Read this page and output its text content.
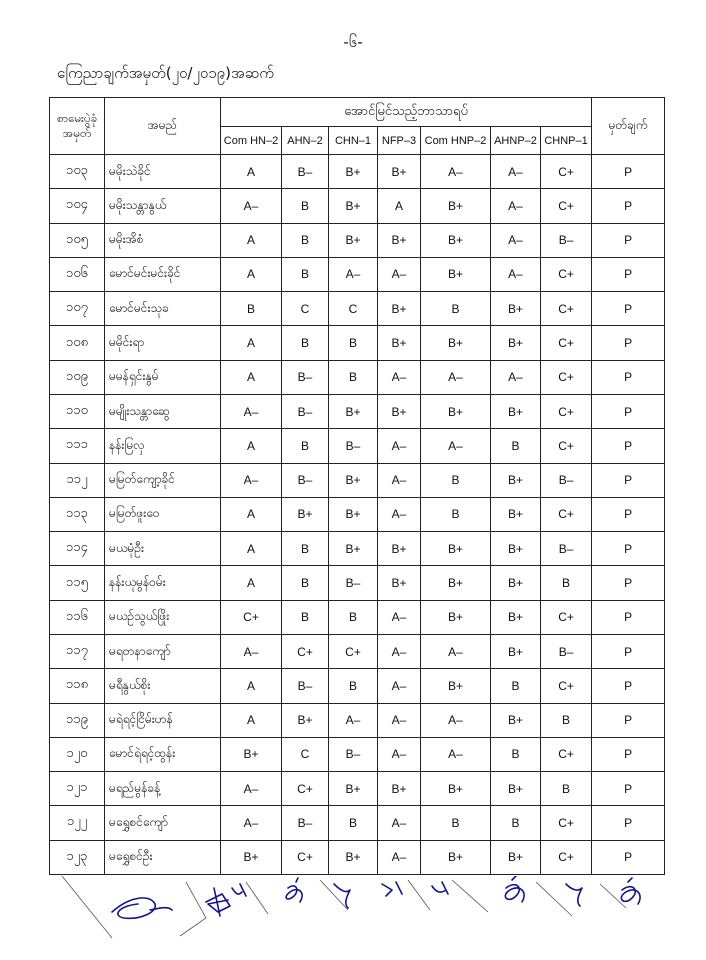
-၆-
ကြေညာချက်အမှတ်(၂၀/၂၀၁၉)အဆက်
စာမေးပွဲခုံအမှတ်	အမည်	အောင်မြင်သည့်ဘာသာရပ်							မှတ်ချက်
		Com HN–2	AHN–2	CHN–1	NFP–3	Com HNP–2	AHNP–2	CHNP–1	
၁၀၃	မမိုးသဲခိုင်	A	B–	B+	B+	A–	A–	C+	P
၁၀၄	မမိုးသန္တာနွယ်	A–	B	B+	A	B+	A–	C+	P
၁၀၅	မမိုးအိစံ	A	B	B+	B+	B+	A–	B–	P
၁၀၆	မောင်မင်းမင်းခိုင်	A	B	A–	A–	B+	A–	C+	P
၁၀၇	မောင်မင်းသုခ	B	C	C	B+	B	B+	C+	P
၁၀၈	မမိုင်းရာ	A	B	B	B+	B+	B+	C+	P
၁၀၉	မမန်ရှင်းနွမ်	A	B–	B	A–	A–	A–	C+	P
၁၁၀	မမျိုးသန္တာဆွေ	A–	B–	B+	B+	B+	B+	C+	P
၁၁၁	နန်းမြလှ	A	B	B–	A–	A–	B	C+	P
၁၁၂	မမြတ်ကျော့ခိုင်	A–	B–	B+	A–	B	B+	B–	P
၁၁၃	မမြတ်ဖူးဝေ	A	B+	B+	A–	B	B+	C+	P
၁၁၄	မယမုံဦး	A	B	B+	B+	B+	B+	B–	P
၁၁၅	နန်းယုမွန်ဝမ်း	A	B	B–	B+	B+	B+	B	P
၁၁၆	မယဉ်သွယ်ဖြိုး	C+	B	B	A–	B+	B+	C+	P
၁၁၇	မရတနာကျော်	A–	C+	C+	A–	A–	B+	B–	P
၁၁၈	မရီနွယ်စိုး	A	B–	B	A–	B+	B	C+	P
၁၁၉	မရဲရင့်ငြိမ်းဟန်	A	B+	A–	A–	A–	B+	B	P
၁၂၀	မောင်ရဲရင့်ထွန်း	B+	C	B–	A–	A–	B	C+	P
၁၂၁	မရည်မွန်ခန့်	A–	C+	B+	B+	B+	B+	B	P
၁၂၂	မရွှေစင်ကျော်	A–	B–	B	A–	B	B	C+	P
၁၂၃	မရွှေစင်ဦး	B+	C+	B+	A–	B+	B+	C+	P
